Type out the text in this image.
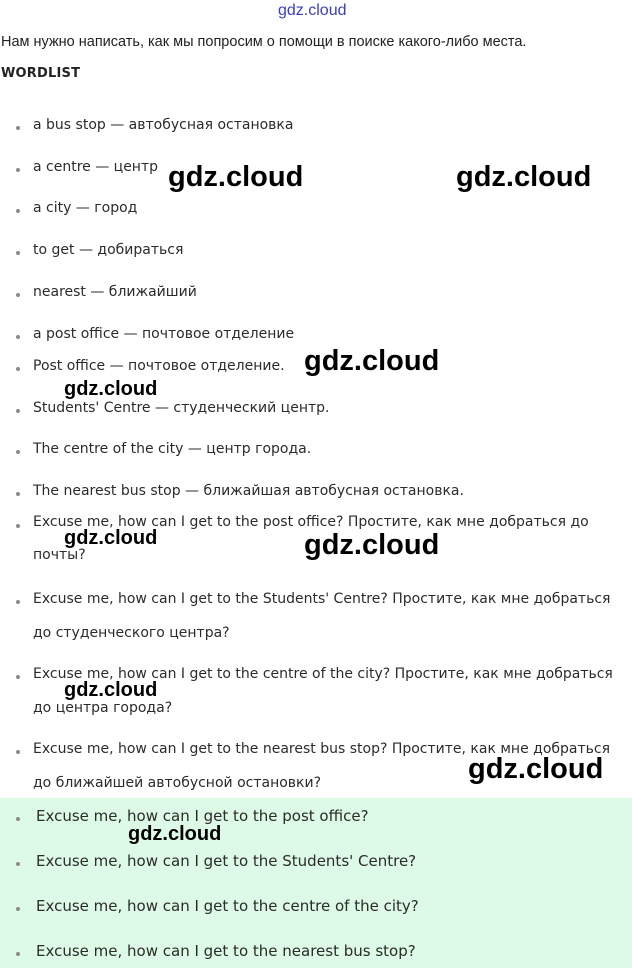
gdz.cloud
Нам нужно написать, как мы попросим о помощи в поиске какого-либо места.
WORDLIST
a bus stop — автобусная остановка
a centre — центр
a city — город
to get — добираться
nearest — ближайший
a post office — почтовое отделение
Post office — почтовое отделение.
Students' Centre — студенческий центр.
The centre of the city — центр города.
The nearest bus stop — ближайшая автобусная остановка.
Excuse me, how can I get to the post office? Простите, как мне добраться до почты?
Excuse me, how can I get to the Students' Centre? Простите, как мне добраться до студенческого центра?
Excuse me, how can I get to the centre of the city? Простите, как мне добраться до центра города?
Excuse me, how can I get to the nearest bus stop? Простите, как мне добраться до ближайшей автобусной остановки?
Excuse me, how can I get to the post office?
Excuse me, how can I get to the Students' Centre?
Excuse me, how can I get to the centre of the city?
Excuse me, how can I get to the nearest bus stop?
gdz.cloud	gdz.cloud
gdz.cloud
gdz.cloud
gdz.cloud	gdz.cloud
gdz.cloud
gdz.cloud
gdz.cloud
